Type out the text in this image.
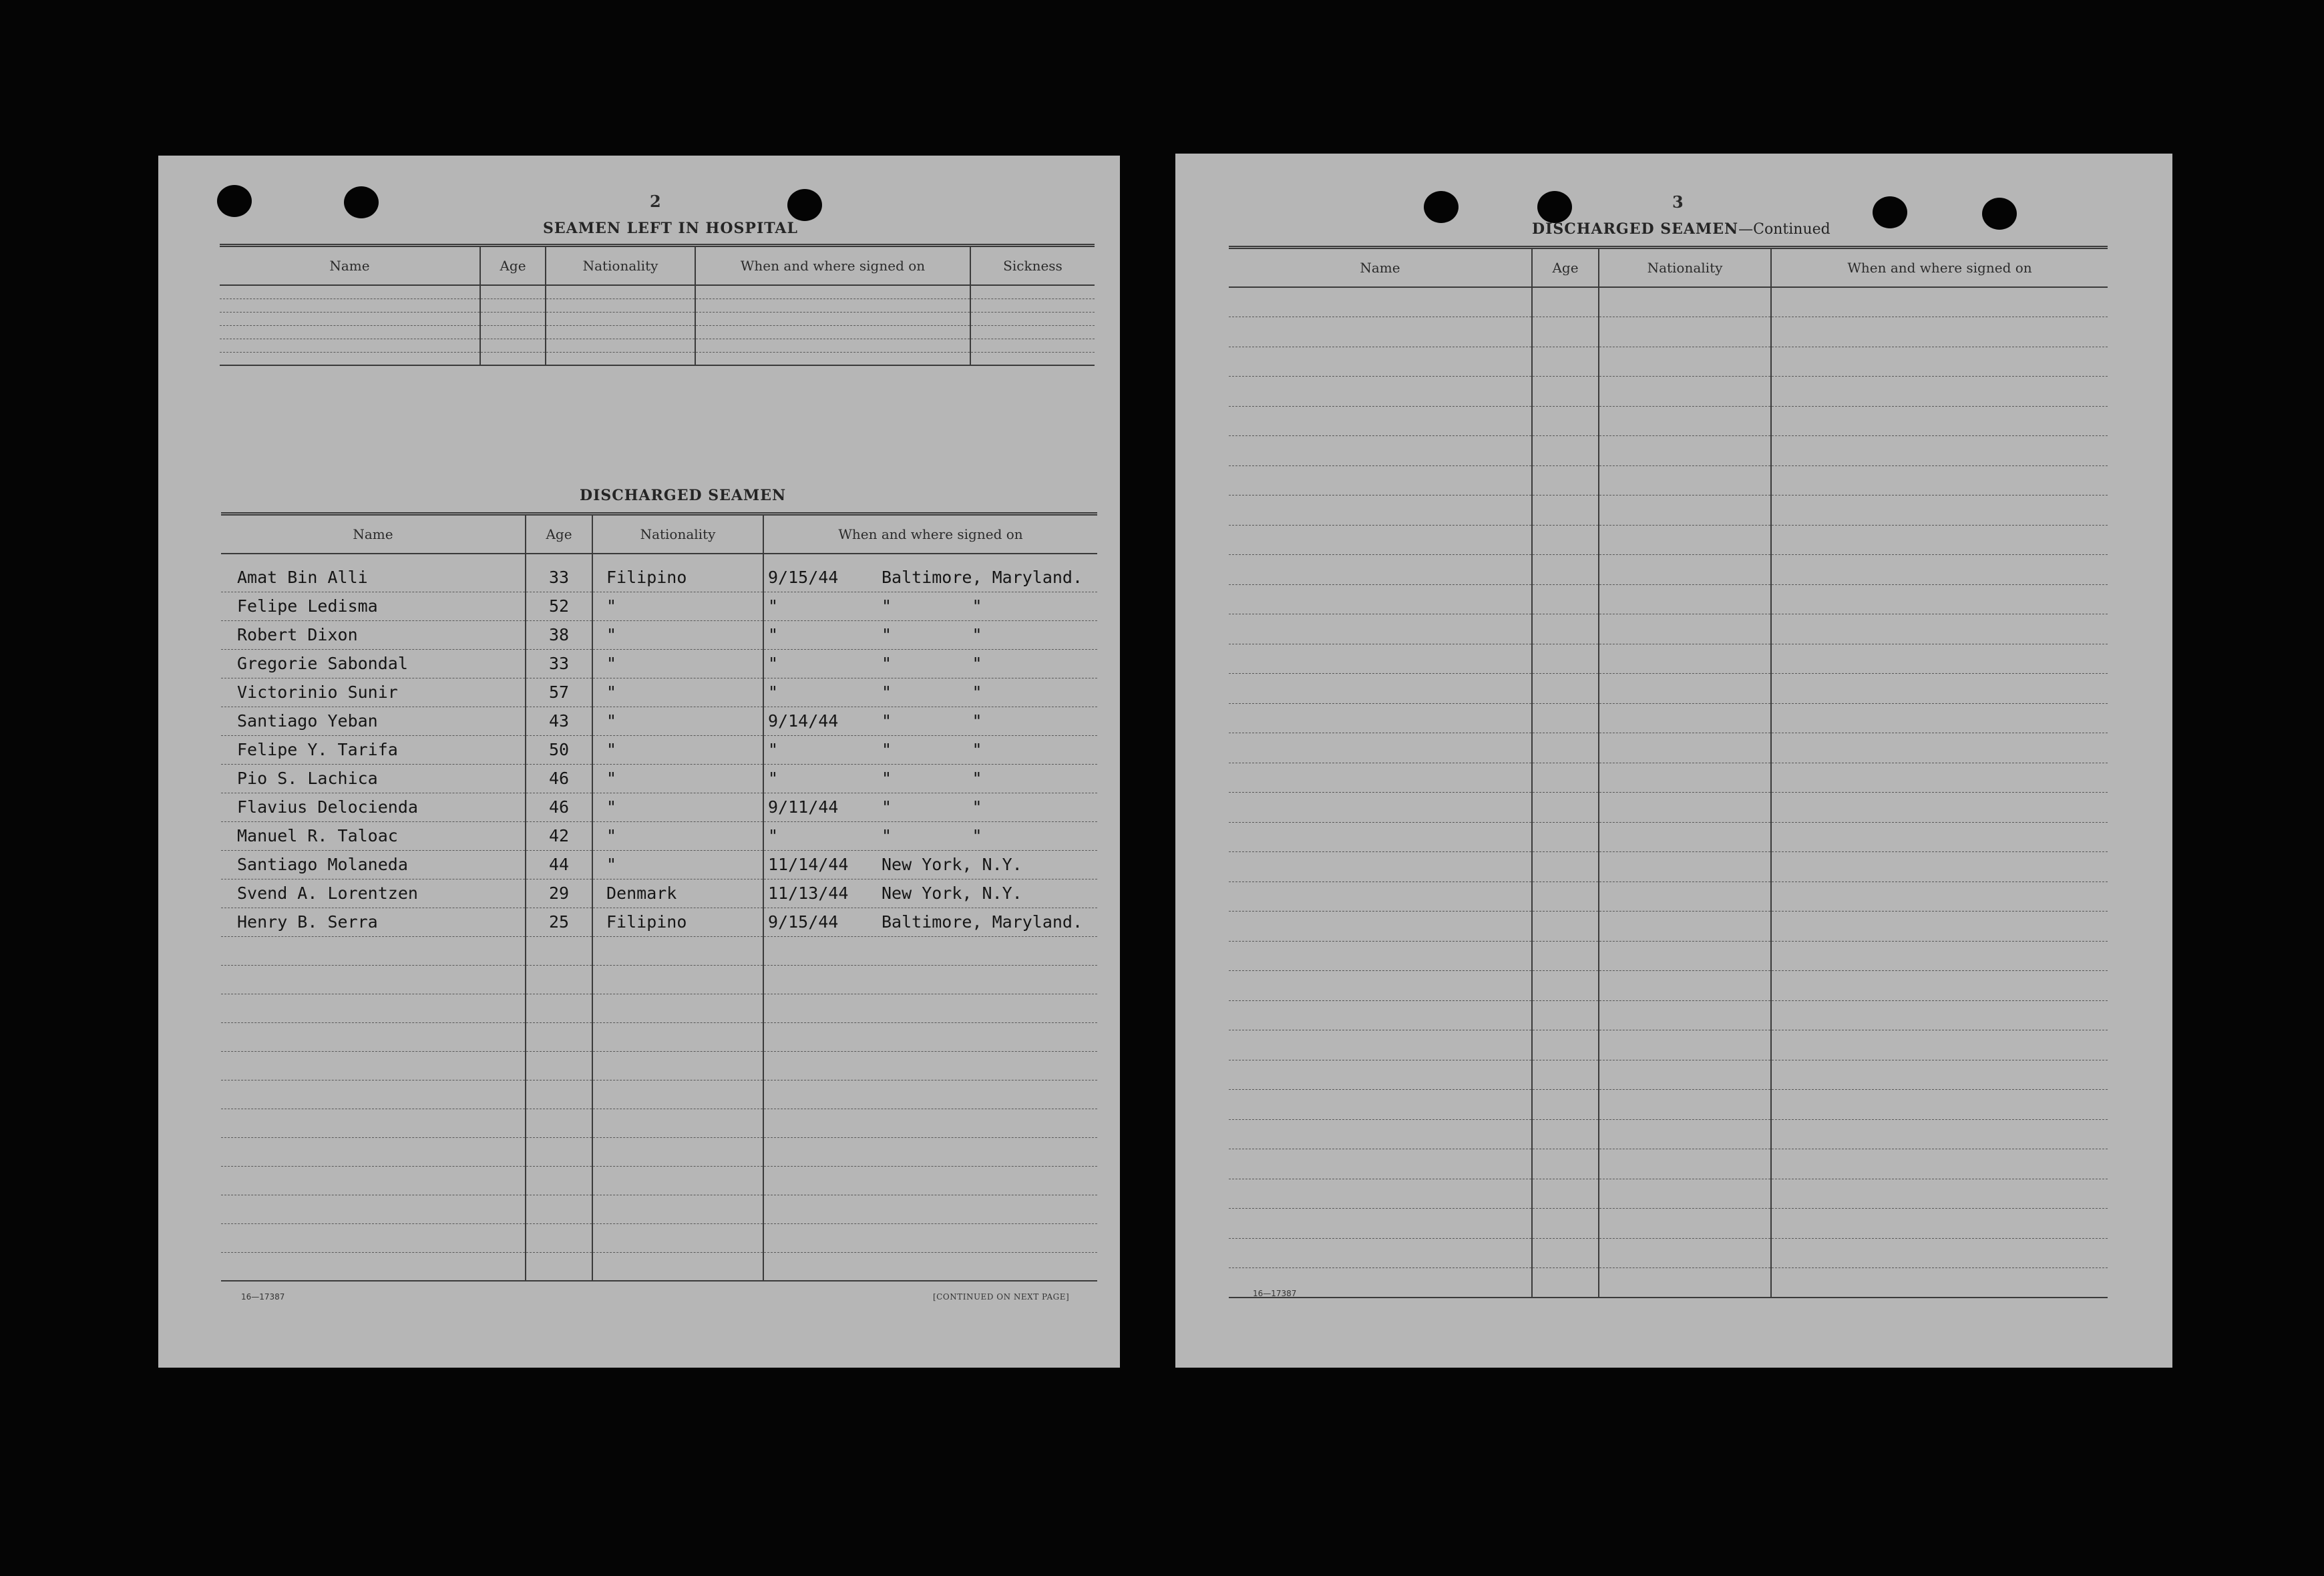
2
SEAMEN LEFT IN HOSPITAL
Name	Age	Nationality	When and where signed on	Sickness

DISCHARGED SEAMEN
Name	Age	Nationality	When and where signed on

Amat Bin Alli	33	Filipino	9/15/44 Baltimore, Maryland.
Felipe Ledisma	52	"	" "        "
Robert Dixon	38	"	" "        "
Gregorie Sabondal	33	"	" "        "
Victorinio Sunir	57	"	" "        "
Santiago Yeban	43	"	9/14/44 "        "
Felipe Y. Tarifa	50	"	" "        "
Pio S. Lachica	46	"	" "        "
Flavius Delocienda	46	"	9/11/44 "        "
Manuel R. Taloac	42	"	" "        "
Santiago Molaneda	44	"	11/14/44 New York, N.Y.
Svend A. Lorentzen	29	Denmark	11/13/44 New York, N.Y.
Henry B. Serra	25	Filipino	9/15/44 Baltimore, Maryland.

16—17387	[CONTINUED ON NEXT PAGE]
3
DISCHARGED SEAMEN—Continued
Name	Age	Nationality	When and where signed on

16—17387
